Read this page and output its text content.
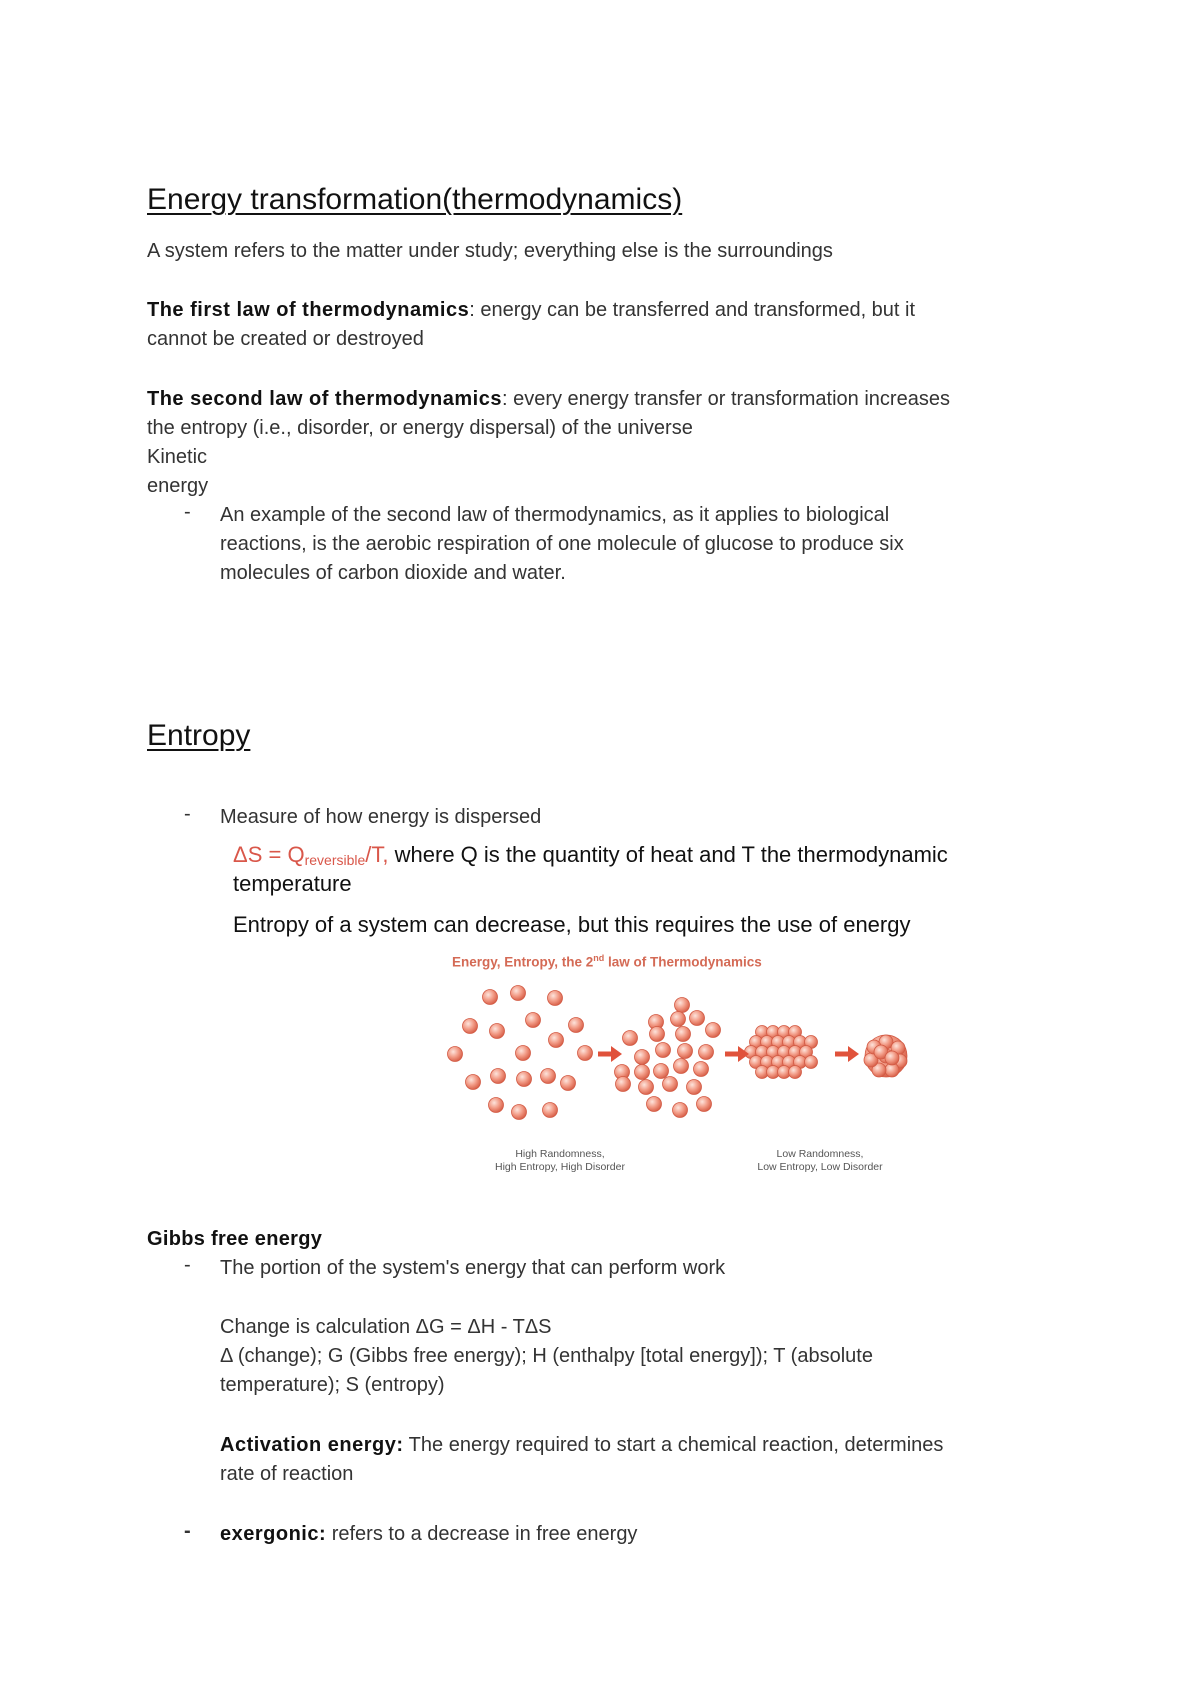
Energy transformation(thermodynamics)
A system refers to the matter under study; everything else is the surroundings
The first law of thermodynamics: energy can be transferred and transformed, but it
cannot be created or destroyed
The second law of thermodynamics: every energy transfer or transformation increases
the entropy (i.e., disorder, or energy dispersal) of the universe
Kinetic
energy
- An example of the second law of thermodynamics, as it applies to biological
reactions, is the aerobic respiration of one molecule of glucose to produce six
molecules of carbon dioxide and water.
Entropy
- Measure of how energy is dispersed
$\Delta S = Q_{reversible}/T$, where Q is the quantity of heat and T the thermodynamic
temperature
Entropy of a system can decrease, but this requires the use of energy
Energy, Entropy, the 2nd law of Thermodynamics
High Randomness,
High Entropy, High Disorder
Low Randomness,
Low Entropy, Low Disorder
Gibbs free energy
- The portion of the system's energy that can perform work
Change is calculation ΔG = ΔH - TΔS
Δ (change); G (Gibbs free energy); H (enthalpy [total energy]); T (absolute
temperature); S (entropy)
Activation energy: The energy required to start a chemical reaction, determines
rate of reaction
- exergonic: refers to a decrease in free energy
